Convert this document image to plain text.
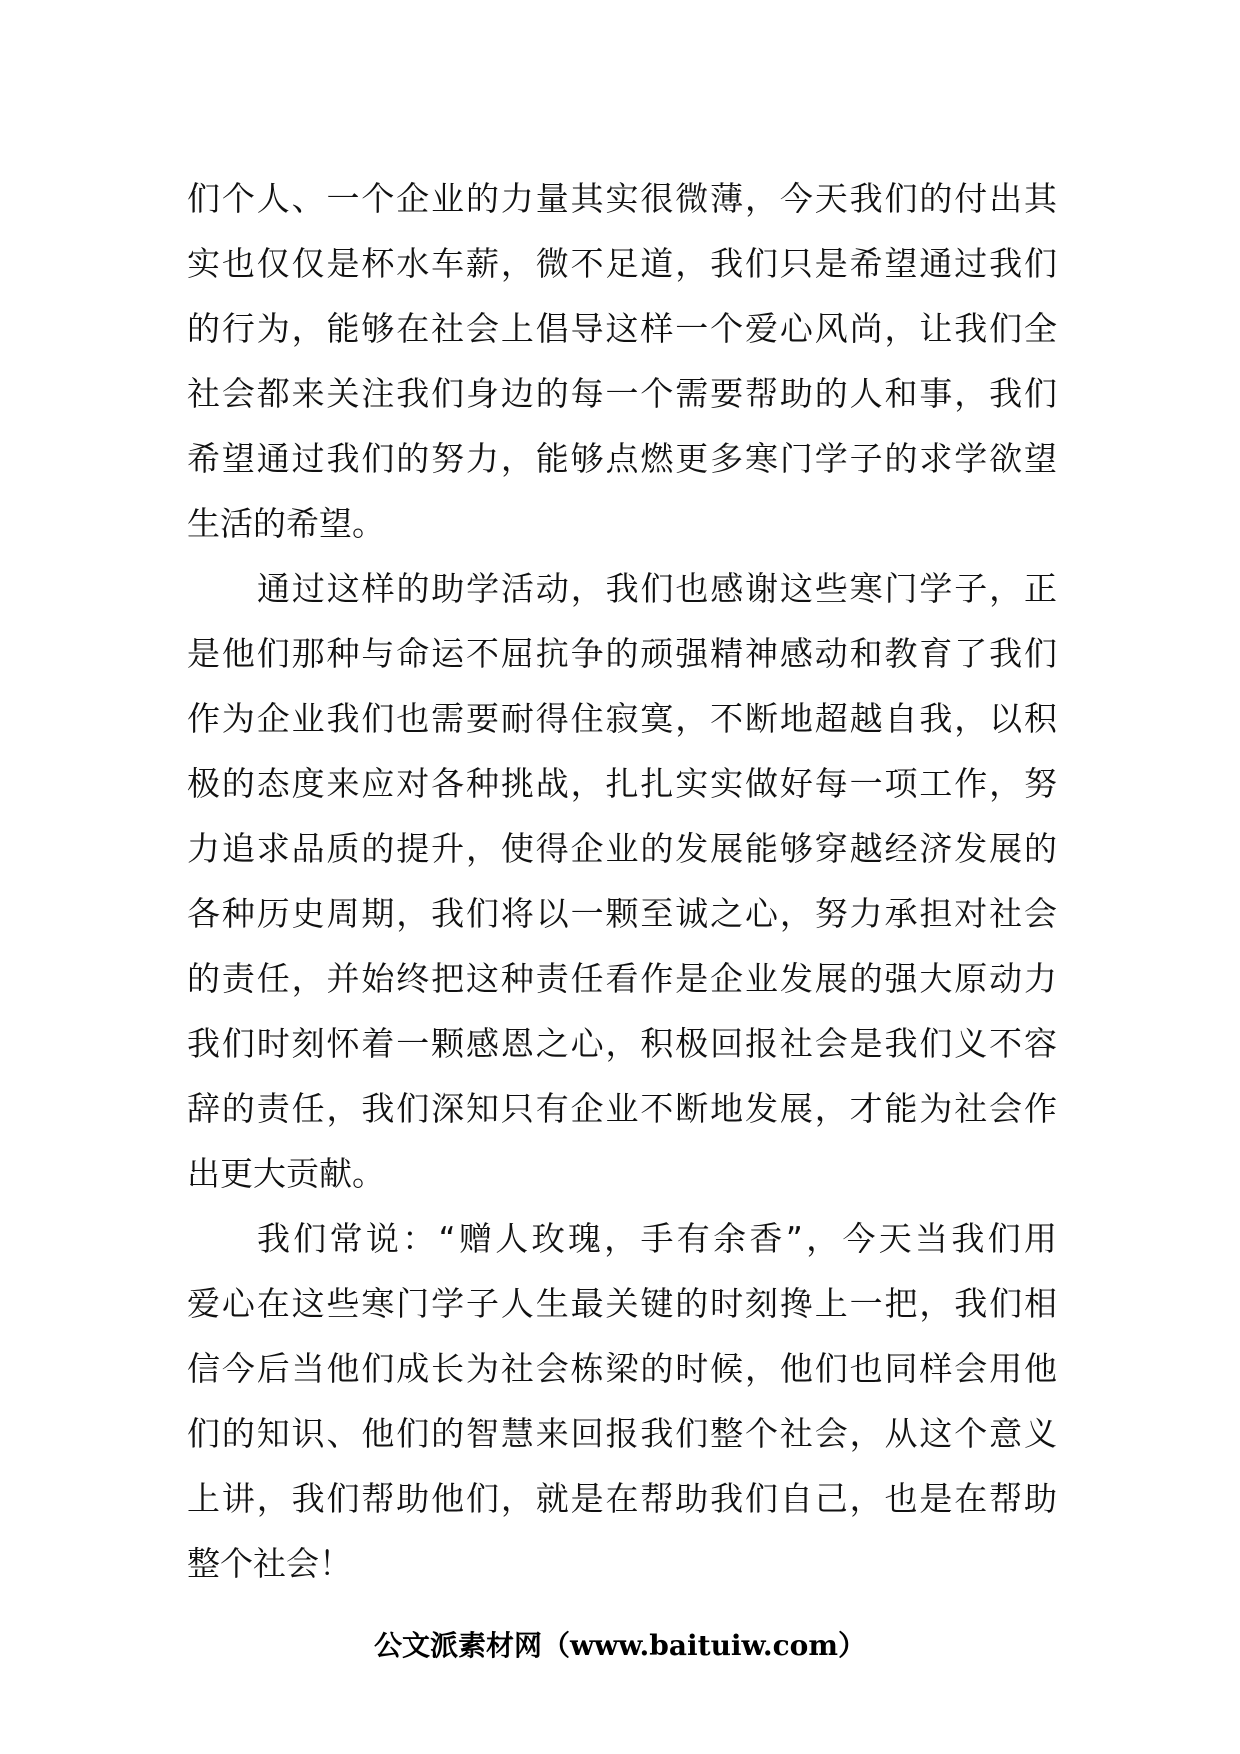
们个人、一个企业的力量其实很微薄，今天我们的付出其
实也仅仅是杯水车薪，微不足道，我们只是希望通过我们
的行为，能够在社会上倡导这样一个爱心风尚，让我们全
社会都来关注我们身边的每一个需要帮助的人和事，我们
希望通过我们的努力，能够点燃更多寒门学子的求学欲望
生活的希望。
通过这样的助学活动，我们也感谢这些寒门学子，正
是他们那种与命运不屈抗争的顽强精神感动和教育了我们
作为企业我们也需要耐得住寂寞，不断地超越自我，以积
极的态度来应对各种挑战，扎扎实实做好每一项工作，努
力追求品质的提升，使得企业的发展能够穿越经济发展的
各种历史周期，我们将以一颗至诚之心，努力承担对社会
的责任，并始终把这种责任看作是企业发展的强大原动力
我们时刻怀着一颗感恩之心，积极回报社会是我们义不容
辞的责任，我们深知只有企业不断地发展，才能为社会作
出更大贡献。
我们常说：“赠人玫瑰，手有余香”，今天当我们用
爱心在这些寒门学子人生最关键的时刻搀上一把，我们相
信今后当他们成长为社会栋梁的时候，他们也同样会用他
们的知识、他们的智慧来回报我们整个社会，从这个意义
上讲，我们帮助他们，就是在帮助我们自己，也是在帮助
整个社会！
公文派素材网（www.baituiw.com）
